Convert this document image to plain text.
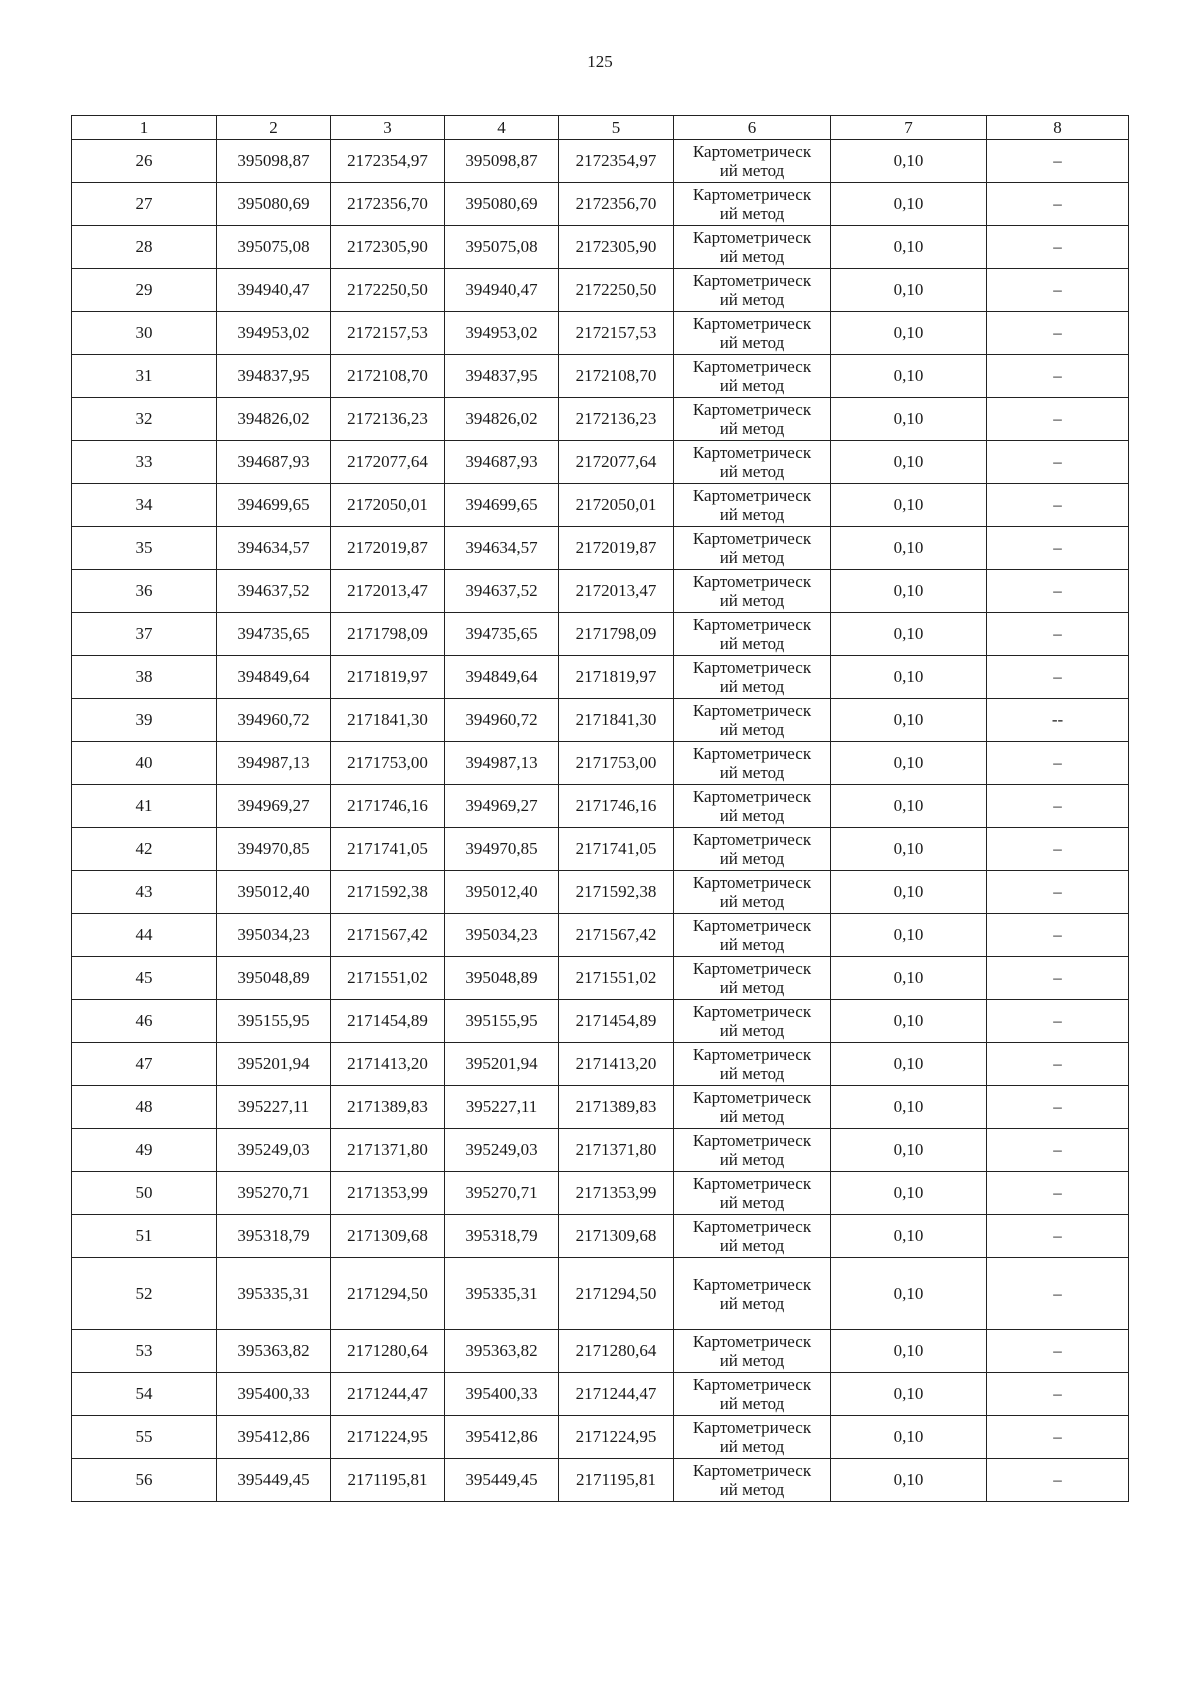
125
1	2	3	4	5	6	7	8
26	395098,87	2172354,97	395098,87	2172354,97	Картометрическ
ий метод	0,10	–
27	395080,69	2172356,70	395080,69	2172356,70	Картометрическ
ий метод	0,10	–
28	395075,08	2172305,90	395075,08	2172305,90	Картометрическ
ий метод	0,10	–
29	394940,47	2172250,50	394940,47	2172250,50	Картометрическ
ий метод	0,10	–
30	394953,02	2172157,53	394953,02	2172157,53	Картометрическ
ий метод	0,10	–
31	394837,95	2172108,70	394837,95	2172108,70	Картометрическ
ий метод	0,10	–
32	394826,02	2172136,23	394826,02	2172136,23	Картометрическ
ий метод	0,10	–
33	394687,93	2172077,64	394687,93	2172077,64	Картометрическ
ий метод	0,10	–
34	394699,65	2172050,01	394699,65	2172050,01	Картометрическ
ий метод	0,10	–
35	394634,57	2172019,87	394634,57	2172019,87	Картометрическ
ий метод	0,10	–
36	394637,52	2172013,47	394637,52	2172013,47	Картометрическ
ий метод	0,10	–
37	394735,65	2171798,09	394735,65	2171798,09	Картометрическ
ий метод	0,10	–
38	394849,64	2171819,97	394849,64	2171819,97	Картометрическ
ий метод	0,10	–
39	394960,72	2171841,30	394960,72	2171841,30	Картометрическ
ий метод	0,10	--
40	394987,13	2171753,00	394987,13	2171753,00	Картометрическ
ий метод	0,10	–
41	394969,27	2171746,16	394969,27	2171746,16	Картометрическ
ий метод	0,10	–
42	394970,85	2171741,05	394970,85	2171741,05	Картометрическ
ий метод	0,10	–
43	395012,40	2171592,38	395012,40	2171592,38	Картометрическ
ий метод	0,10	–
44	395034,23	2171567,42	395034,23	2171567,42	Картометрическ
ий метод	0,10	–
45	395048,89	2171551,02	395048,89	2171551,02	Картометрическ
ий метод	0,10	–
46	395155,95	2171454,89	395155,95	2171454,89	Картометрическ
ий метод	0,10	–
47	395201,94	2171413,20	395201,94	2171413,20	Картометрическ
ий метод	0,10	–
48	395227,11	2171389,83	395227,11	2171389,83	Картометрическ
ий метод	0,10	–
49	395249,03	2171371,80	395249,03	2171371,80	Картометрическ
ий метод	0,10	–
50	395270,71	2171353,99	395270,71	2171353,99	Картометрическ
ий метод	0,10	–
51	395318,79	2171309,68	395318,79	2171309,68	Картометрическ
ий метод	0,10	–
52	395335,31	2171294,50	395335,31	2171294,50	Картометрическ
ий метод	0,10	–
53	395363,82	2171280,64	395363,82	2171280,64	Картометрическ
ий метод	0,10	–
54	395400,33	2171244,47	395400,33	2171244,47	Картометрическ
ий метод	0,10	–
55	395412,86	2171224,95	395412,86	2171224,95	Картометрическ
ий метод	0,10	–
56	395449,45	2171195,81	395449,45	2171195,81	Картометрическ
ий метод	0,10	–
